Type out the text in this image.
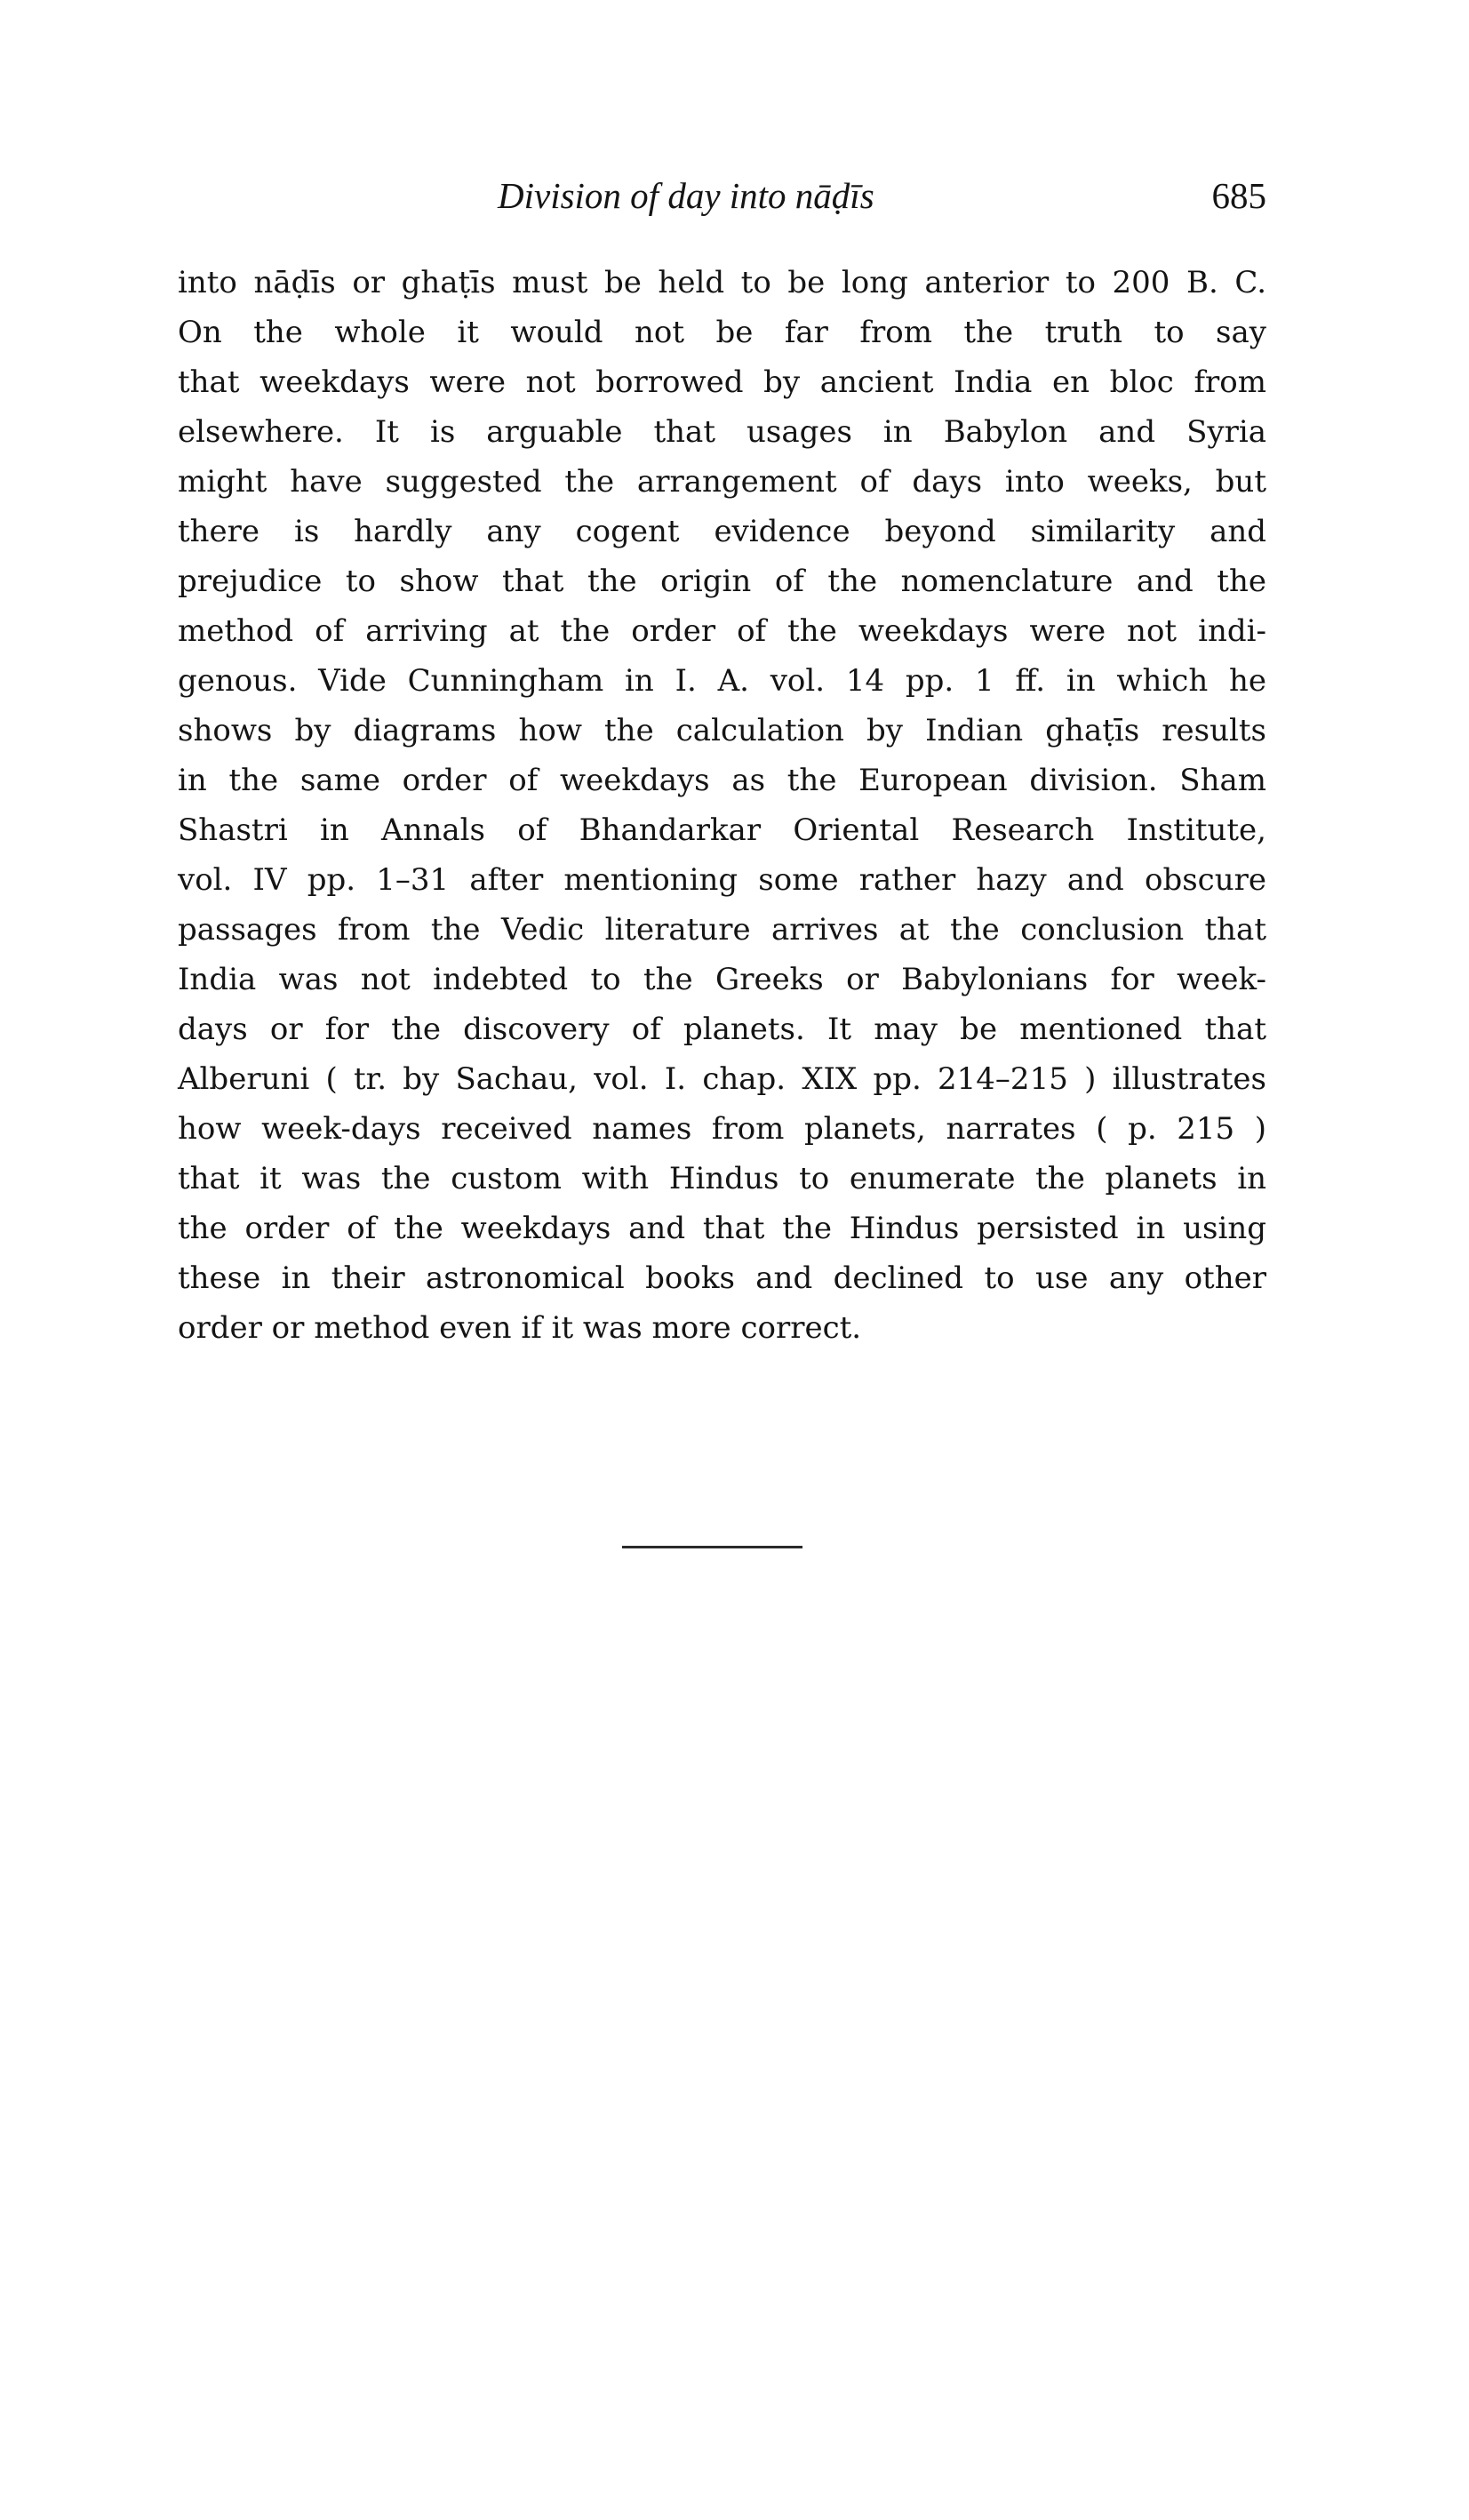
Division of day into nāḍīs	685
into nāḍīs or ghaṭīs must be held to be long anterior to 200 B. C.
On the whole it would not be far from the truth to say
that weekdays were not borrowed by ancient India en bloc from
elsewhere. It is arguable that usages in Babylon and Syria
might have suggested the arrangement of days into weeks, but
there is hardly any cogent evidence beyond similarity and
prejudice to show that the origin of the nomenclature and the
method of arriving at the order of the weekdays were not indi-
genous. Vide Cunningham in I. A. vol. 14 pp. 1 ff. in which he
shows by diagrams how the calculation by Indian ghaṭīs results
in the same order of weekdays as the European division. Sham
Shastri in Annals of Bhandarkar Oriental Research Institute,
vol. IV pp. 1–31 after mentioning some rather hazy and obscure
passages from the Vedic literature arrives at the conclusion that
India was not indebted to the Greeks or Babylonians for week-
days or for the discovery of planets. It may be mentioned that
Alberuni ( tr. by Sachau, vol. I. chap. XIX pp. 214–215 ) illustrates
how week-days received names from planets, narrates ( p. 215 )
that it was the custom with Hindus to enumerate the planets in
the order of the weekdays and that the Hindus persisted in using
these in their astronomical books and declined to use any other
order or method even if it was more correct.
